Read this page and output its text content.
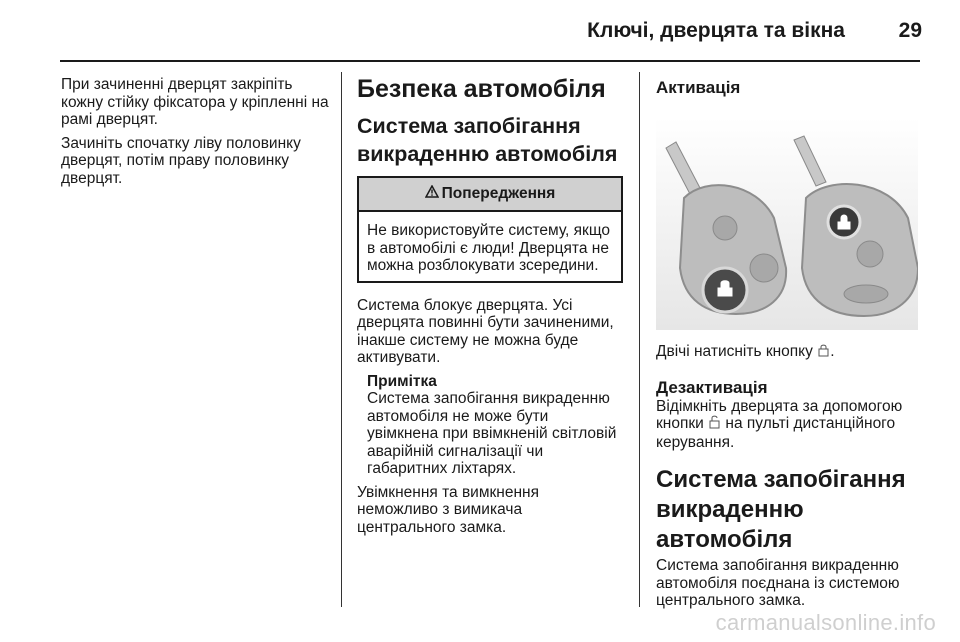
Ключі, дверцята та вікна	29

При зачиненні дверцят закріпіть кожну стійку фіксатора у кріпленні на рамі дверцят.

Зачиніть спочатку ліву половинку дверцят, потім праву половинку дверцят.

Безпека автомобіля
Система запобігання викраденню автомобіля
Попередження
Не використовуйте систему, якщо в автомобілі є люди! Дверцята не можна розблокувати зсередини.

Система блокує дверцята. Усі дверцята повинні бути зачиненими, інакше систему не можна буде активувати.

Примітка
Система запобігання викраденню автомобіля не може бути увімкнена при ввімкненій світловій аварійній сигналізації чи габаритних ліхтарях.

Увімкнення та вимкнення неможливо з вимикача центрального замка.

Активація

Двічі натисніть кнопку .

Дезактивація

Відімкніть дверцята за допомогою кнопки на пульті дистанційного керування.

Система запобігання викраденню автомобіля

Система запобігання викраденню автомобіля поєднана із системою центрального замка.

carmanualsonline.info
